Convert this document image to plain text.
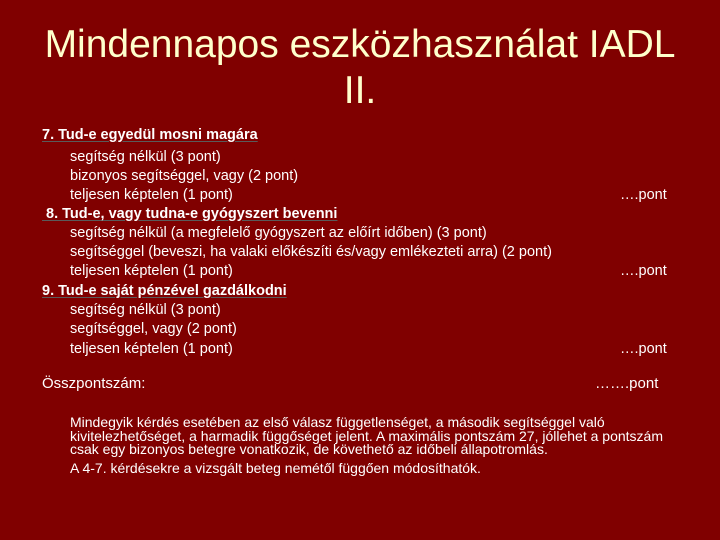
Mindennapos eszközhasználat IADL
II.
7. Tud-e egyedül mosni magára
segítség nélkül (3 pont)
bizonyos segítséggel, vagy (2 pont)
teljesen képtelen (1 pont)	….pont
8. Tud-e, vagy tudna-e gyógyszert bevenni
segítség nélkül (a megfelelő gyógyszert az előírt időben) (3 pont)
segítséggel (beveszi, ha valaki előkészíti és/vagy emlékezteti arra) (2 pont)
teljesen képtelen (1 pont)	….pont
9. Tud-e saját pénzével gazdálkodni
segítség nélkül (3 pont)
segítséggel, vagy (2 pont)
teljesen képtelen (1 pont)	….pont
Összpontszám:	…….pont

Mindegyik kérdés esetében az első válasz függetlenséget, a második segítséggel való kivitelezhetőséget, a harmadik függőséget jelent. A maximális pontszám 27, jóllehet a pontszám csak egy bizonyos betegre vonatkozik, de követhető az időbeli állapotromlás.

A 4-7. kérdésekre a vizsgált beteg nemétől függően módosíthatók.
